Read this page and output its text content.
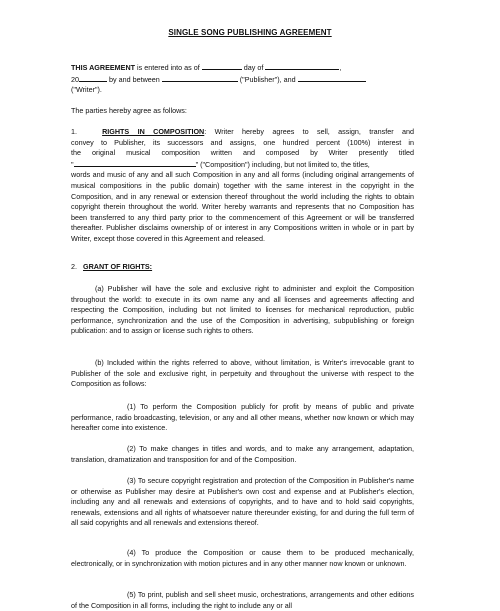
SINGLE SONG PUBLISHING AGREEMENT
THIS AGREEMENT is entered into as of	day of	,
20	by and between	("Publisher"), and
("Writer").
The parties hereby agree as follows:
1.	RIGHTS IN COMPOSITION: Writer hereby agrees to sell, assign, transfer and
convey to Publisher, its successors and assigns, one hundred percent (100%) interest in
the original musical composition written and composed by Writer presently titled
"	" ("Composition") including, but not limited to, the titles,
words and music of any and all such Composition in any and all forms (including original arrangements of musical compositions in the public domain) together with the same interest in the copyright in the Composition, and in any renewal or extension thereof throughout the world including the rights to obtain copyright therein throughout the world. Writer hereby warrants and represents that no Composition has been transferred to any third party prior to the commencement of this Agreement or will be transferred thereafter. Publisher disclaims ownership of or interest in any Compositions written in whole or in part by Writer, except those covered in this Agreement and released.
2. GRANT OF RIGHTS:
(a) Publisher will have the sole and exclusive right to administer and exploit the Composition throughout the world: to execute in its own name any and all licenses and agreements affecting and respecting the Composition, including but not limited to licenses for mechanical reproduction, public performance, synchronization and the use of the Composition in advertising, subpublishing or foreign publication: and to assign or license such rights to others.
(b) Included within the rights referred to above, without limitation, is Writer's irrevocable grant to Publisher of the sole and exclusive right, in perpetuity and throughout the universe with respect to the Composition as follows:
(1) To perform the Composition publicly for profit by means of public and private performance, radio broadcasting, television, or any and all other means, whether now known or which may hereafter come into existence.
(2) To make changes in titles and words, and to make any arrangement, adaptation, translation, dramatization and transposition for and of the Composition.
(3) To secure copyright registration and protection of the Composition in Publisher's name or otherwise as Publisher may desire at Publisher's own cost and expense and at Publisher's election, including any and all renewals and extensions of copyrights, and to have and to hold said copyrights, renewals, extensions and all rights of whatsoever nature thereunder existing, for and during the full term of all said copyrights and all renewals and extensions thereof.
(4) To produce the Composition or cause them to be produced mechanically, electronically, or in synchronization with motion pictures and in any other manner now known or unknown.
(5) To print, publish and sell sheet music, orchestrations, arrangements and other editions of the Composition in all forms, including the right to include any or all
